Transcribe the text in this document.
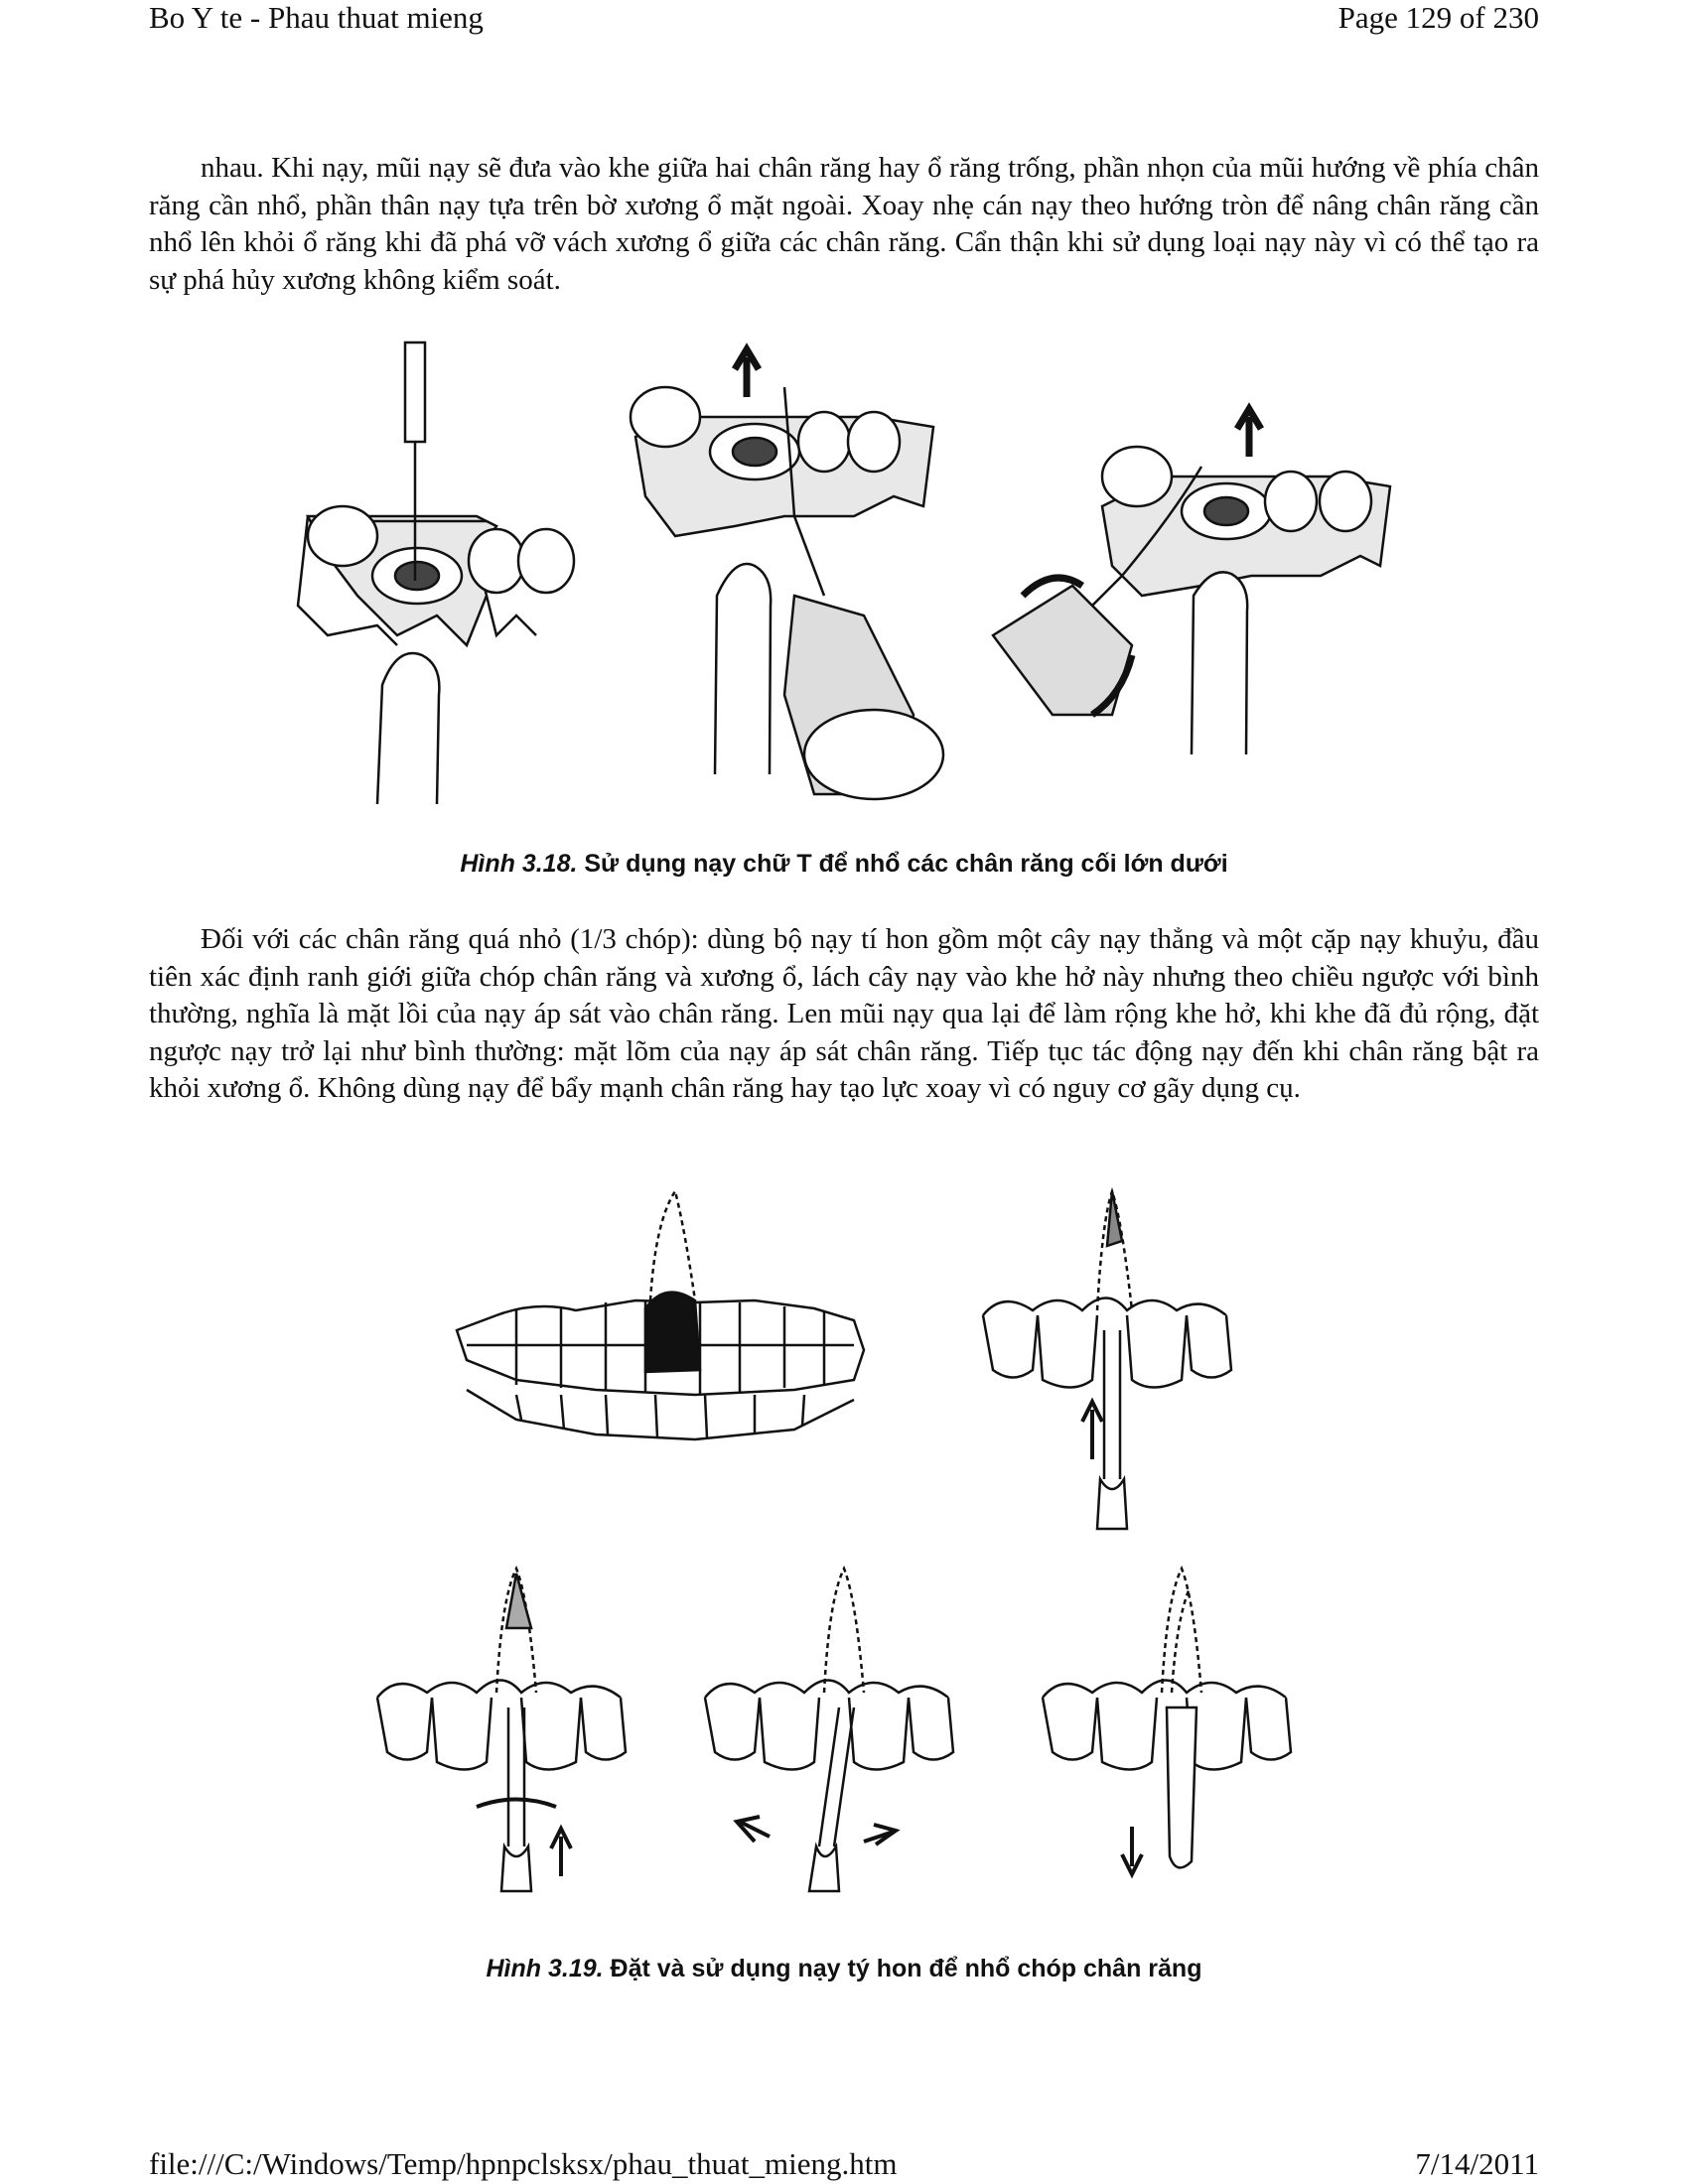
Bo Y te - Phau thuat mieng	Page 129 of 230

nhau. Khi nạy, mũi nạy sẽ đưa vào khe giữa hai chân răng hay ổ răng trống, phần nhọn của mũi hướng về phía chân răng cần nhổ, phần thân nạy tựa trên bờ xương ổ mặt ngoài. Xoay nhẹ cán nạy theo hướng tròn để nâng chân răng cần nhổ lên khỏi ổ răng khi đã phá vỡ vách xương ổ giữa các chân răng. Cẩn thận khi sử dụng loại nạy này vì có thể tạo ra sự phá hủy xương không kiểm soát.

Hình 3.18. Sử dụng nạy chữ T để nhổ các chân răng cối lớn dưới

Đối với các chân răng quá nhỏ (1/3 chóp): dùng bộ nạy tí hon gồm một cây nạy thẳng và một cặp nạy khuỷu, đầu tiên xác định ranh giới giữa chóp chân răng và xương ổ, lách cây nạy vào khe hở này nhưng theo chiều ngược với bình thường, nghĩa là mặt lồi của nạy áp sát vào chân răng. Len mũi nạy qua lại để làm rộng khe hở, khi khe đã đủ rộng, đặt ngược nạy trở lại như bình thường: mặt lõm của nạy áp sát chân răng. Tiếp tục tác động nạy đến khi chân răng bật ra khỏi xương ổ. Không dùng nạy để bẩy mạnh chân răng hay tạo lực xoay vì có nguy cơ gãy dụng cụ.

Hình 3.19. Đặt và sử dụng nạy tý hon để nhổ chóp chân răng
file:///C:/Windows/Temp/hpnpclsksx/phau_thuat_mieng.htm	7/14/2011
